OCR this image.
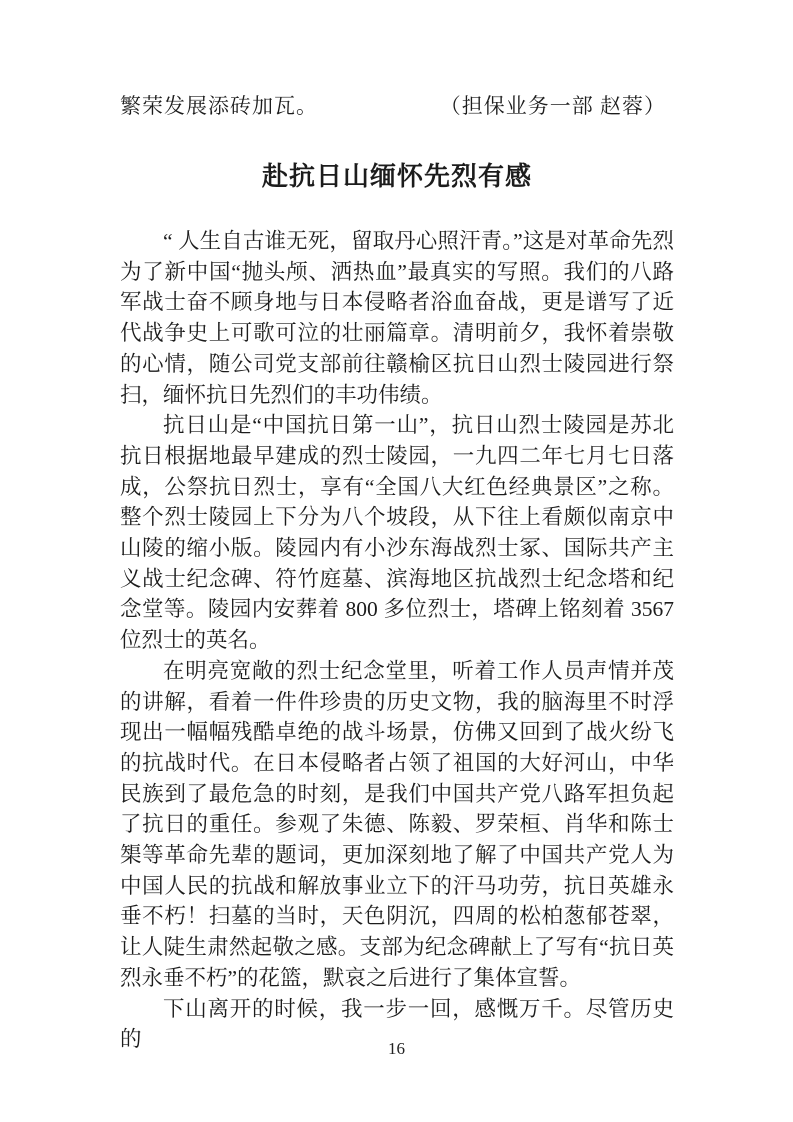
繁荣发展添砖加瓦。	（担保业务一部 赵蓉）
赴抗日山缅怀先烈有感

“ 人生自古谁无死，留取丹心照汗青。”这是对革命先烈为了新中国“抛头颅、洒热血”最真实的写照。我们的八路军战士奋不顾身地与日本侵略者浴血奋战，更是谱写了近代战争史上可歌可泣的壮丽篇章。清明前夕，我怀着崇敬的心情，随公司党支部前往赣榆区抗日山烈士陵园进行祭扫，缅怀抗日先烈们的丰功伟绩。

抗日山是“中国抗日第一山”，抗日山烈士陵园是苏北抗日根据地最早建成的烈士陵园，一九四二年七月七日落成，公祭抗日烈士，享有“全国八大红色经典景区”之称。整个烈士陵园上下分为八个坡段，从下往上看颇似南京中山陵的缩小版。陵园内有小沙东海战烈士冢、国际共产主义战士纪念碑、符竹庭墓、滨海地区抗战烈士纪念塔和纪念堂等。陵园内安葬着 800 多位烈士，塔碑上铭刻着 3567 位烈士的英名。

在明亮宽敞的烈士纪念堂里，听着工作人员声情并茂的讲解，看着一件件珍贵的历史文物，我的脑海里不时浮现出一幅幅残酷卓绝的战斗场景，仿佛又回到了战火纷飞的抗战时代。在日本侵略者占领了祖国的大好河山，中华民族到了最危急的时刻，是我们中国共产党八路军担负起了抗日的重任。参观了朱德、陈毅、罗荣桓、肖华和陈士榘等革命先辈的题词，更加深刻地了解了中国共产党人为中国人民的抗战和解放事业立下的汗马功劳，抗日英雄永垂不朽！扫墓的当时，天色阴沉，四周的松柏葱郁苍翠，让人陡生肃然起敬之感。支部为纪念碑献上了写有“抗日英烈永垂不朽”的花篮，默哀之后进行了集体宣誓。

下山离开的时候，我一步一回，感慨万千。尽管历史的	16
